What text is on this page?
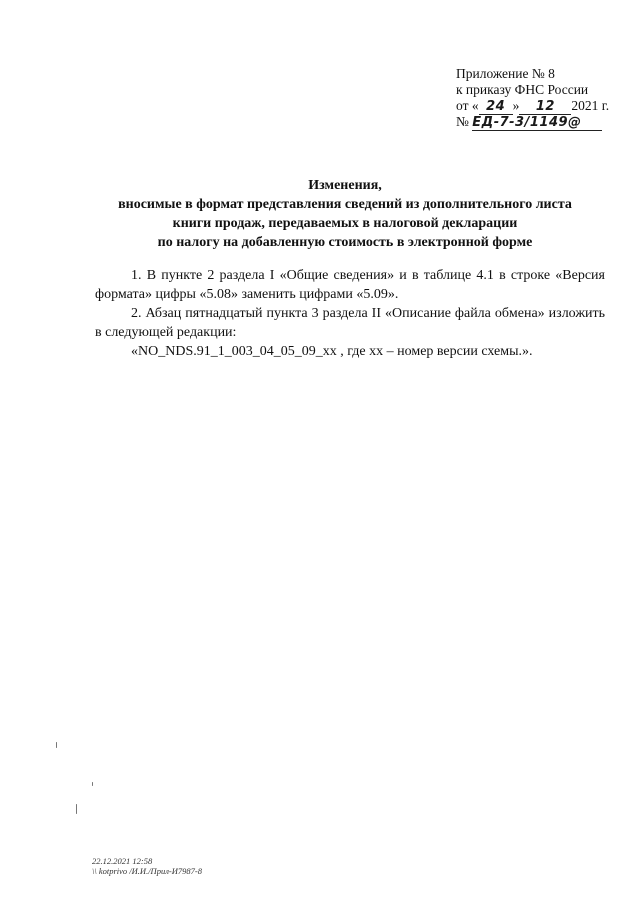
Приложение № 8
к приказу ФНС России
от « 24 » 12 2021 г.
№ ЕД-7-3/1149@
Изменения,
вносимые в формат представления сведений из дополнительного листа
книги продаж, передаваемых в налоговой декларации
по налогу на добавленную стоимость в электронной форме

1. В пункте 2 раздела I «Общие сведения» и в таблице 4.1 в строке «Версия формата» цифры «5.08» заменить цифрами «5.09».

2. Абзац пятнадцатый пункта 3 раздела II «Описание файла обмена» изложить в следующей редакции:

«NO_NDS.91_1_003_04_05_09_xx , где xx – номер версии схемы.».

22.12.2021 12:58
\\ kotprivo /И.И./Прил-И7987-8
